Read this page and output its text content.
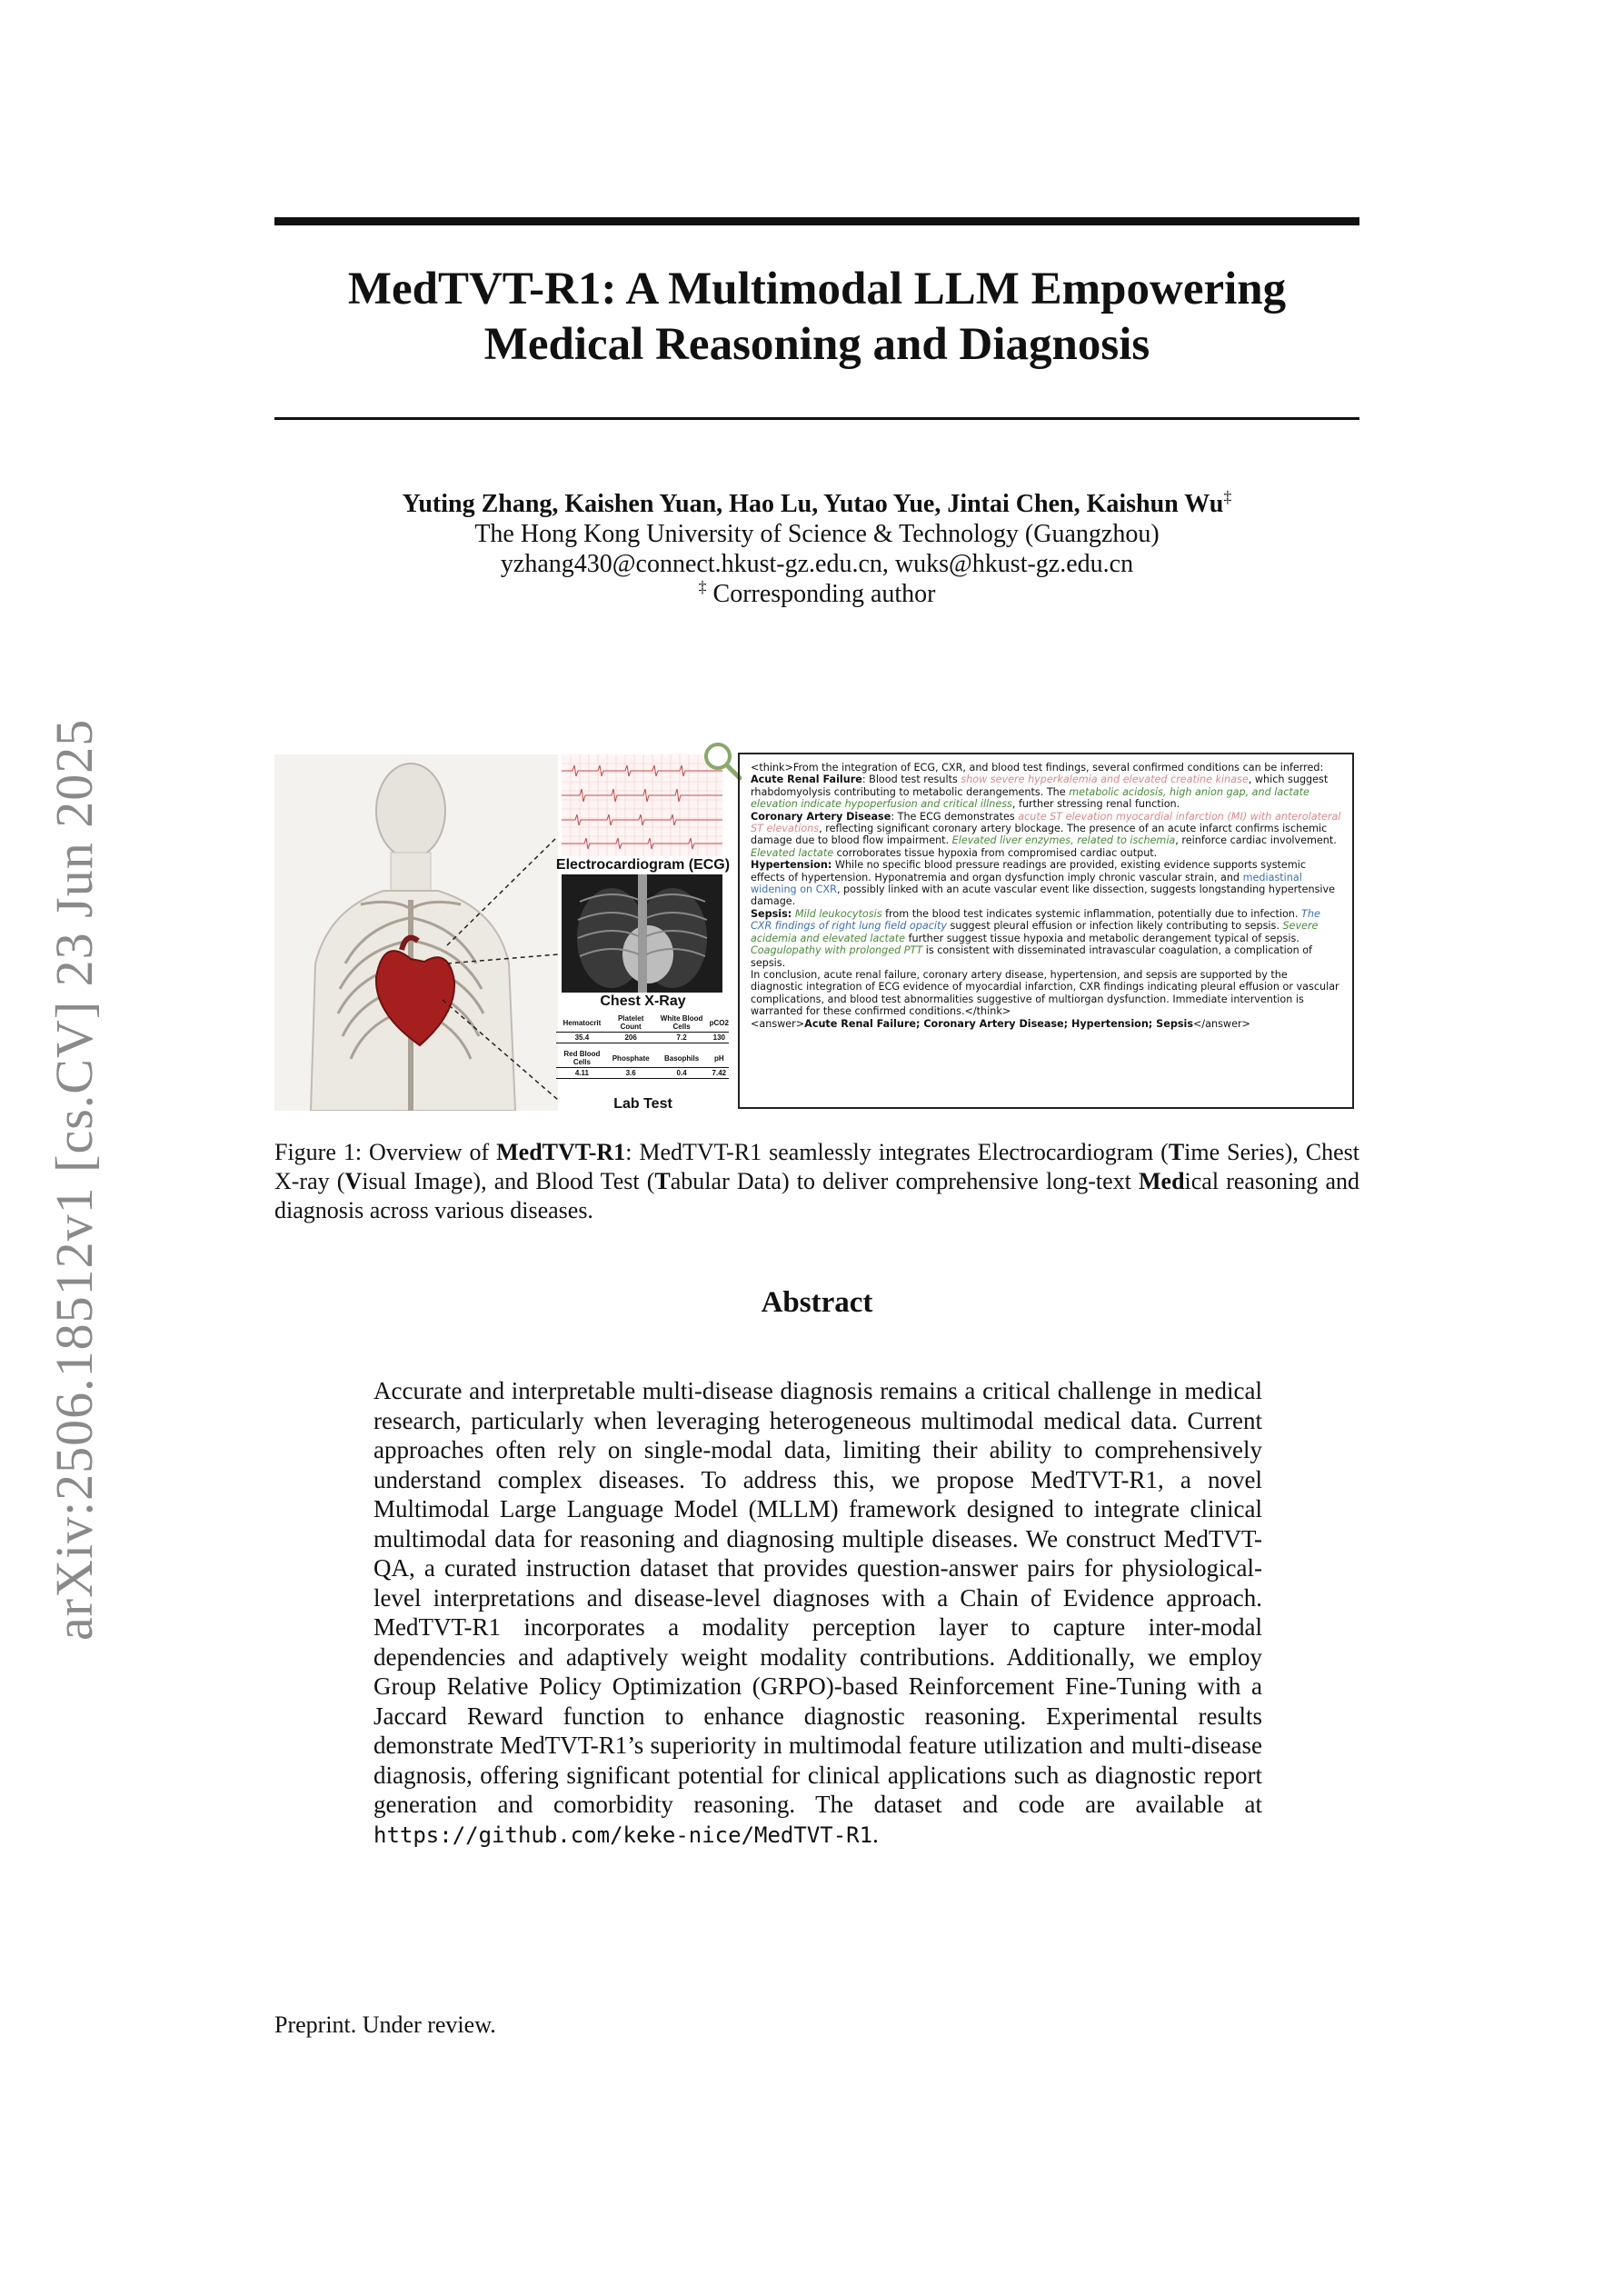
arXiv:2506.18512v1 [cs.CV] 23 Jun 2025
MedTVT-R1: A Multimodal LLM Empowering
Medical Reasoning and Diagnosis
Yuting Zhang, Kaishen Yuan, Hao Lu, Yutao Yue, Jintai Chen, Kaishun Wu‡
The Hong Kong University of Science & Technology (Guangzhou)
yzhang430@connect.hkust-gz.edu.cn, wuks@hkust-gz.edu.cn
‡ Corresponding author
Electrocardiogram (ECG)
Chest X-Ray
Hematocrit	Platelet Count	White Blood Cells	pCO2
35.4	206	7.2	130

Red Blood Cells	Phosphate	Basophils	pH
4.11	3.6	0.4	7.42
Lab Test

<think>From the integration of ECG, CXR, and blood test findings, several confirmed conditions can be inferred:

Acute Renal Failure: Blood test results show severe hyperkalemia and elevated creatine kinase, which suggest rhabdomyolysis contributing to metabolic derangements. The metabolic acidosis, high anion gap, and lactate elevation indicate hypoperfusion and critical illness, further stressing renal function.

Coronary Artery Disease: The ECG demonstrates acute ST elevation myocardial infarction (MI) with anterolateral ST elevations, reflecting significant coronary artery blockage. The presence of an acute infarct confirms ischemic damage due to blood flow impairment. Elevated liver enzymes, related to ischemia, reinforce cardiac involvement. Elevated lactate corroborates tissue hypoxia from compromised cardiac output.

Hypertension: While no specific blood pressure readings are provided, existing evidence supports systemic effects of hypertension. Hyponatremia and organ dysfunction imply chronic vascular strain, and mediastinal widening on CXR, possibly linked with an acute vascular event like dissection, suggests longstanding hypertensive damage.

Sepsis: Mild leukocytosis from the blood test indicates systemic inflammation, potentially due to infection. The CXR findings of right lung field opacity suggest pleural effusion or infection likely contributing to sepsis. Severe acidemia and elevated lactate further suggest tissue hypoxia and metabolic derangement typical of sepsis. Coagulopathy with prolonged PTT is consistent with disseminated intravascular coagulation, a complication of sepsis.

In conclusion, acute renal failure, coronary artery disease, hypertension, and sepsis are supported by the diagnostic integration of ECG evidence of myocardial infarction, CXR findings indicating pleural effusion or vascular complications, and blood test abnormalities suggestive of multiorgan dysfunction. Immediate intervention is warranted for these confirmed conditions.</think>

<answer>Acute Renal Failure; Coronary Artery Disease; Hypertension; Sepsis</answer>

Figure 1: Overview of MedTVT-R1: MedTVT-R1 seamlessly integrates Electrocardiogram (Time Series), Chest X-ray (Visual Image), and Blood Test (Tabular Data) to deliver comprehensive long-text Medical reasoning and diagnosis across various diseases.
Abstract
Accurate and interpretable multi-disease diagnosis remains a critical challenge in medical research, particularly when leveraging heterogeneous multimodal medical data. Current approaches often rely on single-modal data, limiting their ability to comprehensively understand complex diseases. To address this, we propose MedTVT-R1, a novel Multimodal Large Language Model (MLLM) framework designed to integrate clinical multimodal data for reasoning and diagnosing multiple diseases. We construct MedTVT-QA, a curated instruction dataset that provides question-answer pairs for physiological-level interpretations and disease-level diagnoses with a Chain of Evidence approach. MedTVT-R1 incorporates a modality perception layer to capture inter-modal dependencies and adaptively weight modality contributions. Additionally, we employ Group Relative Policy Optimization (GRPO)-based Reinforcement Fine-Tuning with a Jaccard Reward function to enhance diagnostic reasoning. Experimental results demonstrate MedTVT-R1’s superiority in multimodal feature utilization and multi-disease diagnosis, offering significant potential for clinical applications such as diagnostic report generation and comorbidity reasoning. The dataset and code are available at https://github.com/keke-nice/MedTVT-R1.
Preprint. Under review.
